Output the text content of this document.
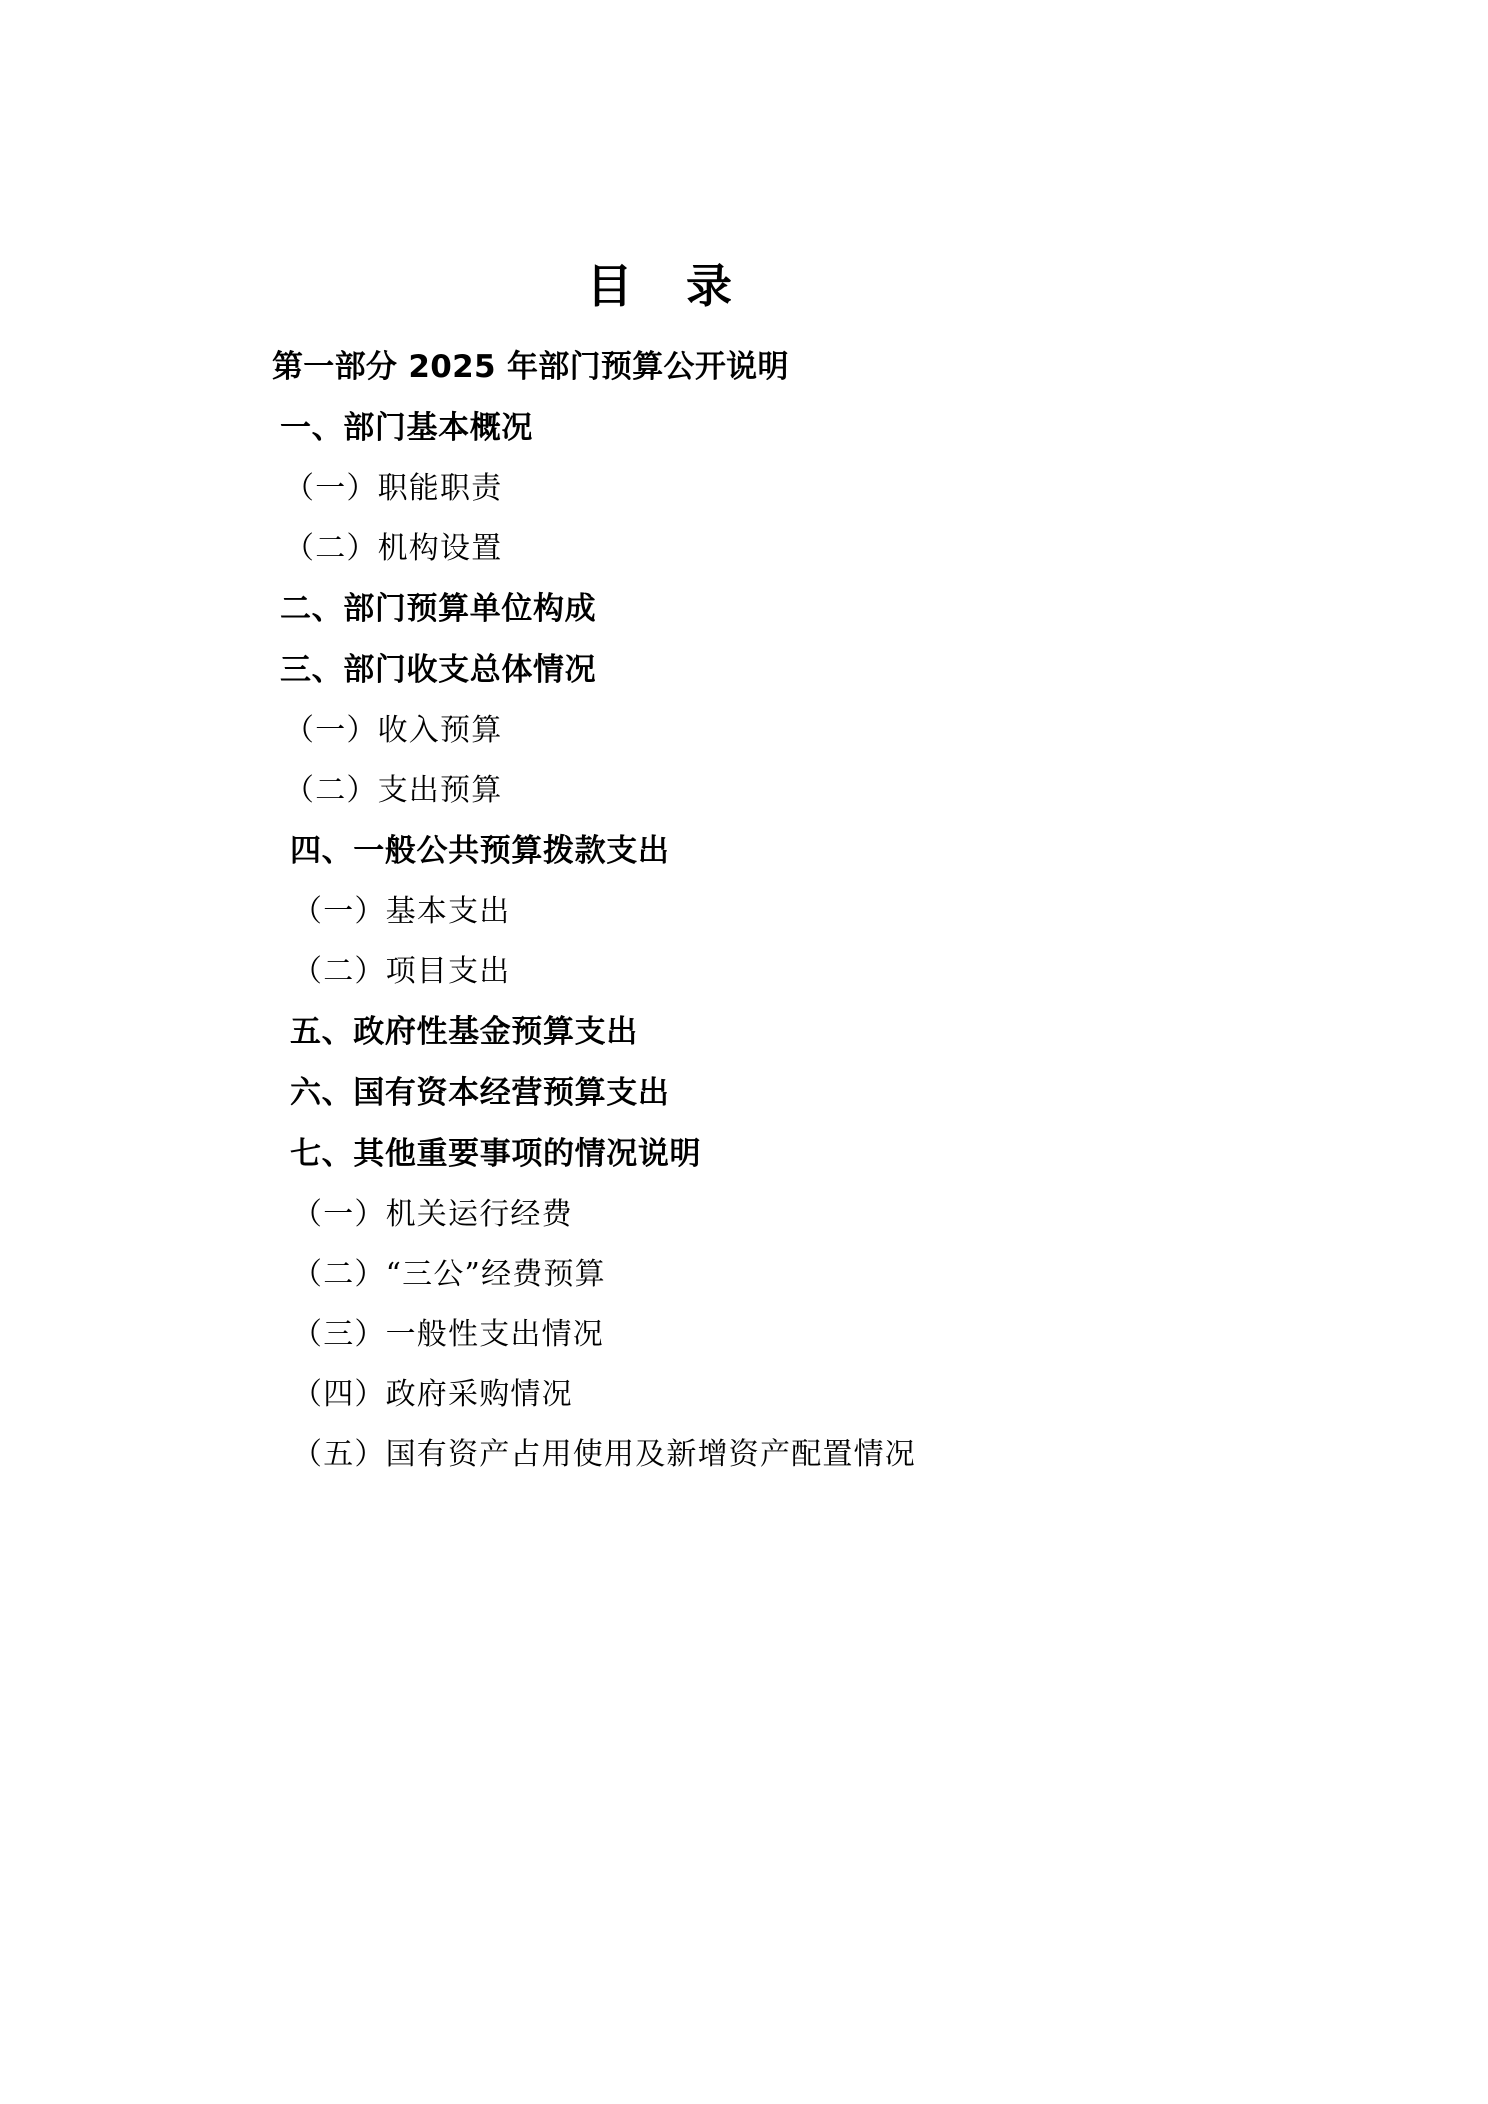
目 录
第一部分 2025 年部门预算公开说明
一、部门基本概况
（一）职能职责
（二）机构设置
二、部门预算单位构成
三、部门收支总体情况
（一）收入预算
（二）支出预算
四、一般公共预算拨款支出
（一）基本支出
（二）项目支出
五、政府性基金预算支出
六、国有资本经营预算支出
七、其他重要事项的情况说明
（一）机关运行经费
（二）“三公”经费预算
（三）一般性支出情况
（四）政府采购情况
（五）国有资产占用使用及新增资产配置情况
